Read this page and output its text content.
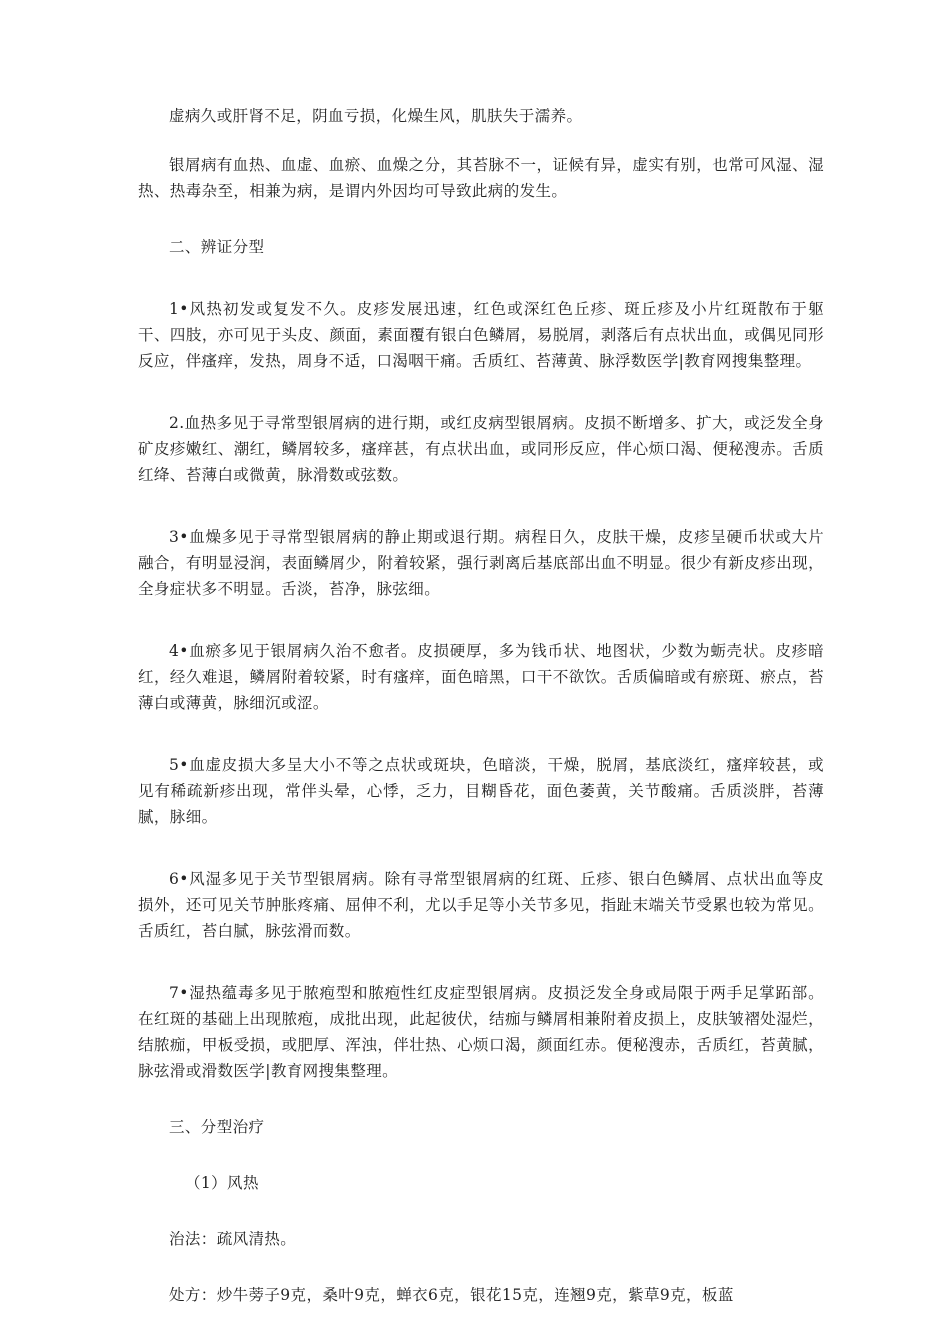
虚病久或肝肾不足，阴血亏损，化燥生风，肌肤失于濡养。

银屑病有血热、血虚、血瘀、血燥之分，其苔脉不一，证候有异，虚实有别，也常可风湿、湿热、热毒杂至，相兼为病，是谓内外因均可导致此病的发生。

二、辨证分型

1•风热初发或复发不久。皮疹发展迅速，红色或深红色丘疹、斑丘疹及小片红斑散布于躯干、四肢，亦可见于头皮、颜面，素面覆有银白色鳞屑，易脱屑，剥落后有点状出血，或偶见同形反应，伴瘙痒，发热，周身不适，口渴咽干痛。舌质红、苔薄黄、脉浮数医学|教育网搜集整理。

2.血热多见于寻常型银屑病的进行期，或红皮病型银屑病。皮损不断增多、扩大，或泛发全身矿皮疹嫩红、潮红，鳞屑较多，瘙痒甚，有点状出血，或同形反应，伴心烦口渴、便秘溲赤。舌质红绛、苔薄白或微黄，脉滑数或弦数。

3•血燥多见于寻常型银屑病的静止期或退行期。病程日久，皮肤干燥，皮疹呈硬币状或大片融合，有明显浸润，表面鳞屑少，附着较紧，强行剥离后基底部出血不明显。很少有新皮疹出现，全身症状多不明显。舌淡，苔净，脉弦细。

4•血瘀多见于银屑病久治不愈者。皮损硬厚，多为钱币状、地图状，少数为蛎壳状。皮疹暗红，经久难退，鳞屑附着较紧，时有瘙痒，面色暗黑，口干不欲饮。舌质偏暗或有瘀斑、瘀点，苔薄白或薄黄，脉细沉或涩。

5•血虚皮损大多呈大小不等之点状或斑块，色暗淡，干燥，脱屑，基底淡红，瘙痒较甚，或见有稀疏新疹出现，常伴头晕，心悸，乏力，目糊昏花，面色萎黄，关节酸痛。舌质淡胖，苔薄腻，脉细。

6•风湿多见于关节型银屑病。除有寻常型银屑病的红斑、丘疹、银白色鳞屑、点状出血等皮损外，还可见关节肿胀疼痛、屈伸不利，尤以手足等小关节多见，指趾末端关节受累也较为常见。舌质红，苔白腻，脉弦滑而数。

7•湿热蕴毒多见于脓疱型和脓疱性红皮症型银屑病。皮损泛发全身或局限于两手足掌跖部。在红斑的基础上出现脓疱，成批出现，此起彼伏，结痂与鳞屑相兼附着皮损上，皮肤皱褶处湿烂，结脓痂，甲板受损，或肥厚、浑浊，伴壮热、心烦口渴，颜面红赤。便秘溲赤，舌质红，苔黄腻，脉弦滑或滑数医学|教育网搜集整理。

三、分型治疗

（1）风热

治法：疏风清热。

处方：炒牛蒡子9克，桑叶9克，蝉衣6克，银花15克，连翘9克，紫草9克，板蓝
